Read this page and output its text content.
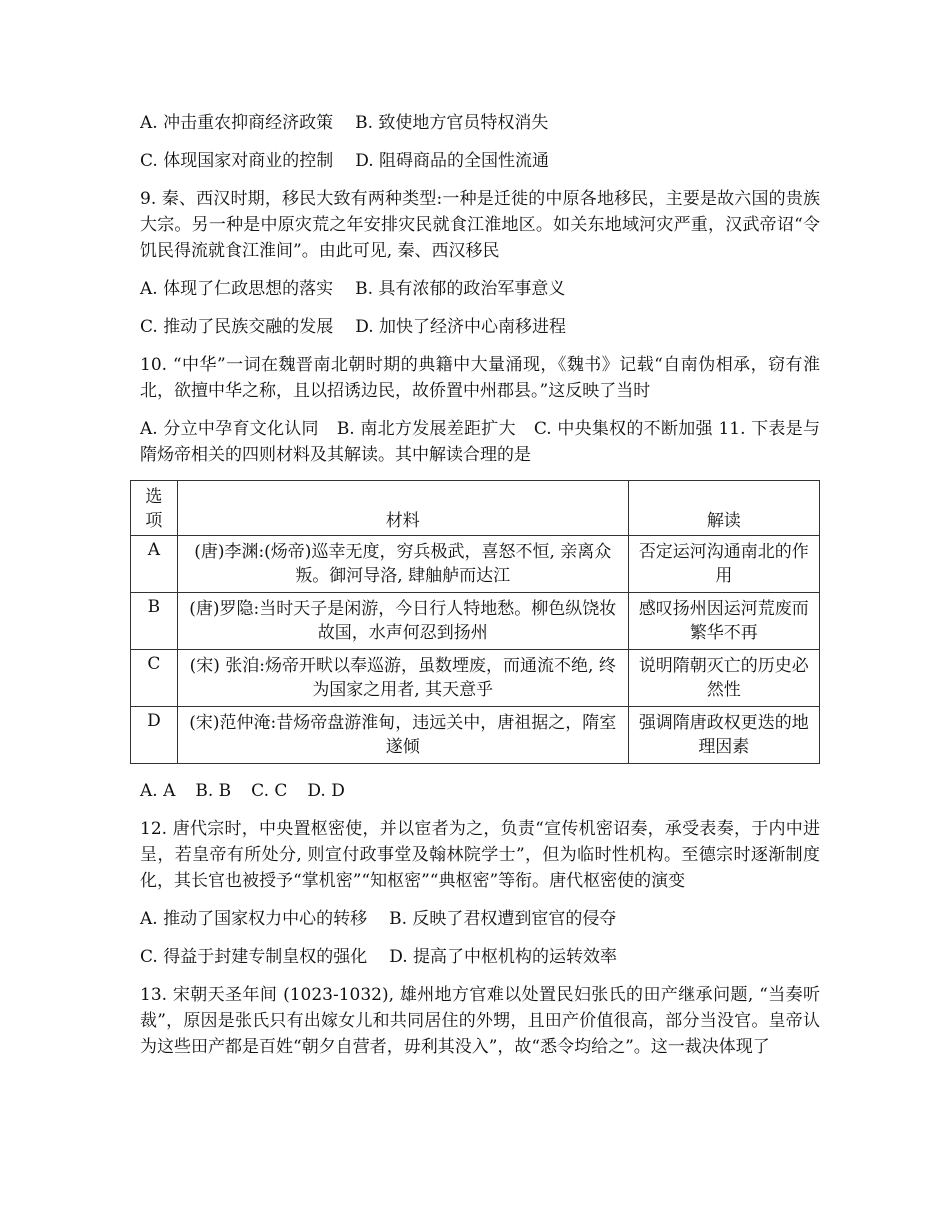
A. 冲击重农抑商经济政策 B. 致使地方官员特权消失
C. 体现国家对商业的控制 D. 阻碍商品的全国性流通
9. 秦、西汉时期，移民大致有两种类型:一种是迁徙的中原各地移民，主要是故六国的贵族大宗。另一种是中原灾荒之年安排灾民就食江淮地区。如关东地域河灾严重，汉武帝诏“令饥民得流就食江淮间”。由此可见, 秦、西汉移民
A. 体现了仁政思想的落实 B. 具有浓郁的政治军事意义
C. 推动了民族交融的发展 D. 加快了经济中心南移进程
10. “中华”一词在魏晋南北朝时期的典籍中大量涌现，《魏书》记载“自南伪相承，窃有淮北，欲擅中华之称，且以招诱边民，故侨置中州郡县。”这反映了当时
A. 分立中孕育文化认同 B. 南北方发展差距扩大 C. 中央集权的不断加强 11. 下表是与隋炀帝相关的四则材料及其解读。其中解读合理的是
选
项	材料	解读
A	(唐)李渊:(炀帝)巡幸无度，穷兵极武，喜怒不恒, 亲离众叛。御河导洛, 肆舳舻而达江	否定运河沟通南北的作用
B	(唐)罗隐:当时天子是闲游，今日行人特地愁。柳色纵饶妆故国，水声何忍到扬州	感叹扬州因运河荒废而繁华不再
C	(宋) 张洎:炀帝开畎以奉巡游，虽数堙废，而通流不绝, 终为国家之用者, 其天意乎	说明隋朝灭亡的历史必然性
D	(宋)范仲淹:昔炀帝盘游淮甸，违远关中，唐祖据之，隋室遂倾	强调隋唐政权更迭的地理因素
A. A B. B C. C D. D
12. 唐代宗时，中央置枢密使，并以宦者为之，负责“宣传机密诏奏，承受表奏，于内中进呈，若皇帝有所处分, 则宣付政事堂及翰林院学士”，但为临时性机构。至德宗时逐渐制度化，其长官也被授予“掌机密”“知枢密”“典枢密”等衔。唐代枢密使的演变
A. 推动了国家权力中心的转移 B. 反映了君权遭到宦官的侵夺
C. 得益于封建专制皇权的强化 D. 提高了中枢机构的运转效率
13. 宋朝天圣年间 (1023-1032), 雄州地方官难以处置民妇张氏的田产继承问题, “当奏听裁”，原因是张氏只有出嫁女儿和共同居住的外甥，且田产价值很高，部分当没官。皇帝认为这些田产都是百姓“朝夕自营者，毋利其没入”，故“悉令均给之”。这一裁决体现了
